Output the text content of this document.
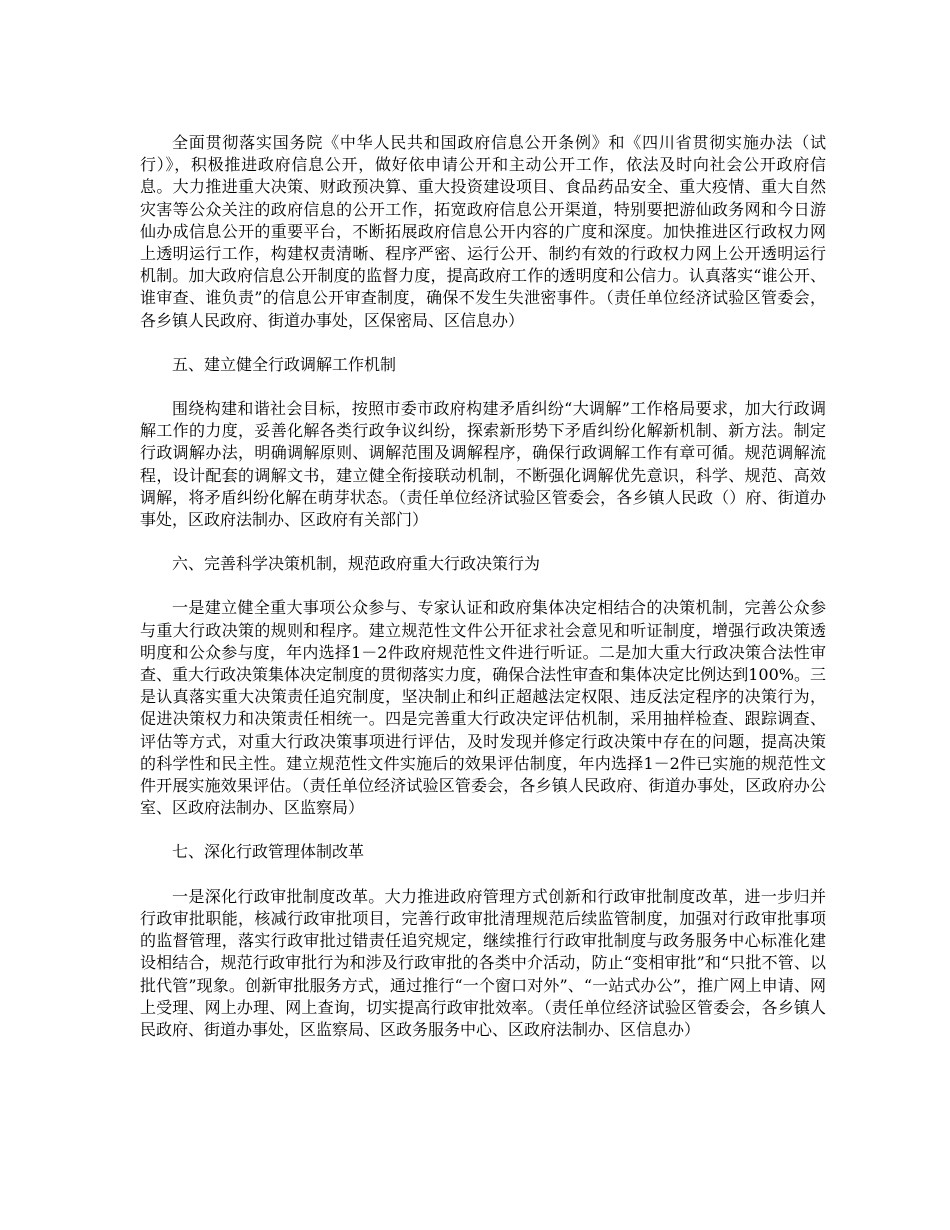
全面贯彻落实国务院《中华人民共和国政府信息公开条例》和《四川省贯彻实施办法（试行）》，积极推进政府信息公开，做好依申请公开和主动公开工作，依法及时向社会公开政府信息。大力推进重大决策、财政预决算、重大投资建设项目、食品药品安全、重大疫情、重大自然灾害等公众关注的政府信息的公开工作，拓宽政府信息公开渠道，特别要把游仙政务网和今日游仙办成信息公开的重要平台，不断拓展政府信息公开内容的广度和深度。加快推进区行政权力网上透明运行工作，构建权责清晰、程序严密、运行公开、制约有效的行政权力网上公开透明运行机制。加大政府信息公开制度的监督力度，提高政府工作的透明度和公信力。认真落实“谁公开、谁审查、谁负责”的信息公开审查制度，确保不发生失泄密事件。（责任单位经济试验区管委会，各乡镇人民政府、街道办事处，区保密局、区信息办）

五、建立健全行政调解工作机制

围绕构建和谐社会目标，按照市委市政府构建矛盾纠纷“大调解”工作格局要求，加大行政调解工作的力度，妥善化解各类行政争议纠纷，探索新形势下矛盾纠纷化解新机制、新方法。制定行政调解办法，明确调解原则、调解范围及调解程序，确保行政调解工作有章可循。规范调解流程，设计配套的调解文书，建立健全衔接联动机制，不断强化调解优先意识，科学、规范、高效调解，将矛盾纠纷化解在萌芽状态。（责任单位经济试验区管委会，各乡镇人民政（）府、街道办事处，区政府法制办、区政府有关部门）

六、完善科学决策机制，规范政府重大行政决策行为

一是建立健全重大事项公众参与、专家认证和政府集体决定相结合的决策机制，完善公众参与重大行政决策的规则和程序。建立规范性文件公开征求社会意见和听证制度，增强行政决策透明度和公众参与度，年内选择1－2件政府规范性文件进行听证。二是加大重大行政决策合法性审查、重大行政决策集体决定制度的贯彻落实力度，确保合法性审查和集体决定比例达到100%。三是认真落实重大决策责任追究制度，坚决制止和纠正超越法定权限、违反法定程序的决策行为，促进决策权力和决策责任相统一。四是完善重大行政决定评估机制，采用抽样检查、跟踪调查、评估等方式，对重大行政决策事项进行评估，及时发现并修定行政决策中存在的问题，提高决策的科学性和民主性。建立规范性文件实施后的效果评估制度，年内选择1－2件已实施的规范性文件开展实施效果评估。（责任单位经济试验区管委会，各乡镇人民政府、街道办事处，区政府办公室、区政府法制办、区监察局）

七、深化行政管理体制改革

一是深化行政审批制度改革。大力推进政府管理方式创新和行政审批制度改革，进一步归并行政审批职能，核减行政审批项目，完善行政审批清理规范后续监管制度，加强对行政审批事项的监督管理，落实行政审批过错责任追究规定，继续推行行政审批制度与政务服务中心标准化建设相结合，规范行政审批行为和涉及行政审批的各类中介活动，防止“变相审批”和“只批不管、以批代管”现象。创新审批服务方式，通过推行“一个窗口对外”、“一站式办公”，推广网上申请、网上受理、网上办理、网上查询，切实提高行政审批效率。（责任单位经济试验区管委会，各乡镇人民政府、街道办事处，区监察局、区政务服务中心、区政府法制办、区信息办）
